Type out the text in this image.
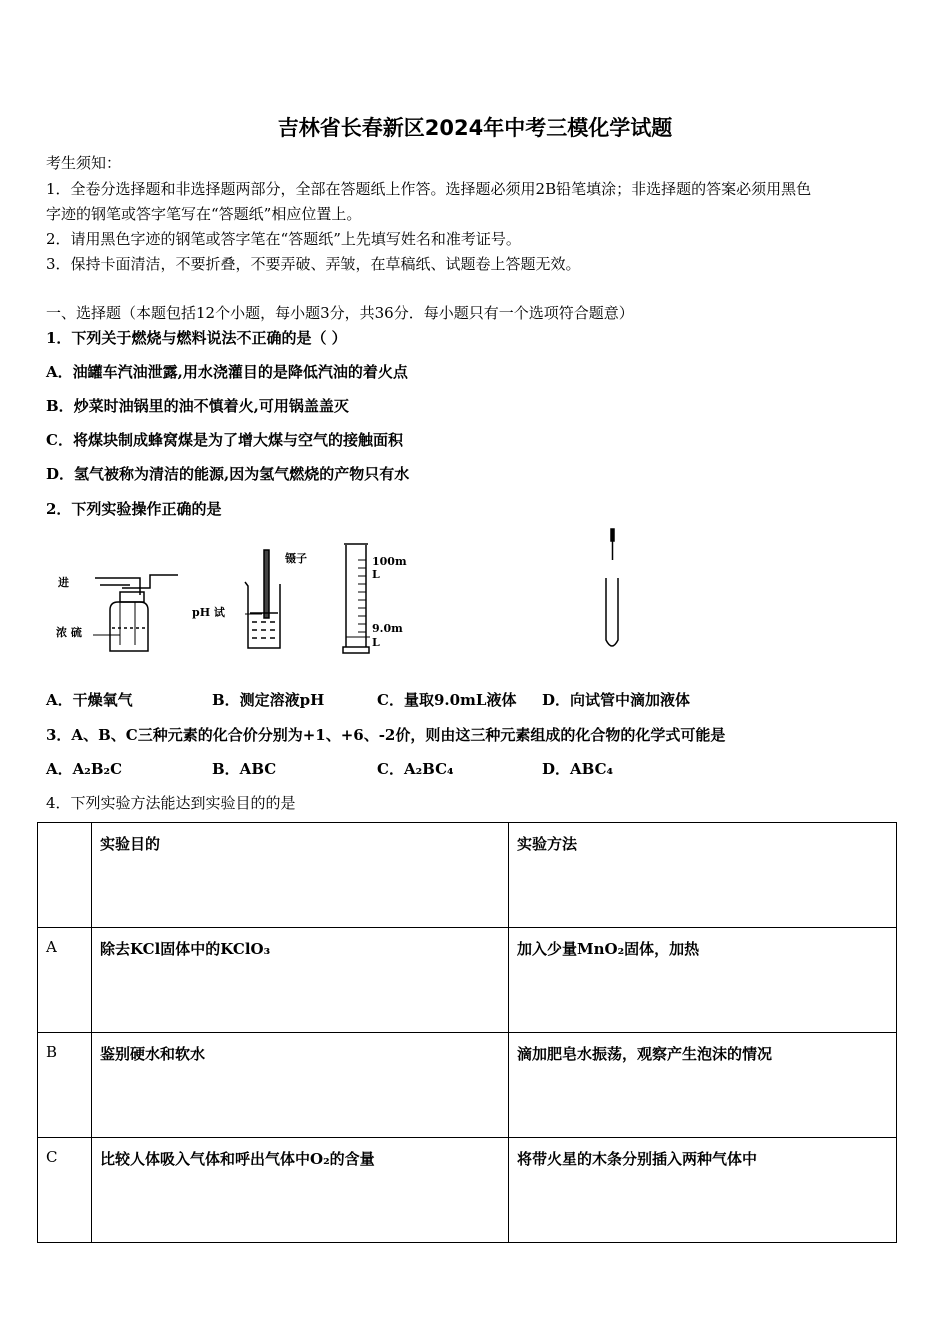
吉林省长春新区2024年中考三模化学试题
考生须知：
1．全卷分选择题和非选择题两部分，全部在答题纸上作答。选择题必须用2B铅笔填涂；非选择题的答案必须用黑色
字迹的钢笔或答字笔写在“答题纸”相应位置上。
2．请用黑色字迹的钢笔或答字笔在“答题纸”上先填写姓名和准考证号。
3．保持卡面清洁，不要折叠，不要弄破、弄皱，在草稿纸、试题卷上答题无效。
一、选择题（本题包括12个小题，每小题3分，共36分．每小题只有一个选项符合题意）
1．下列关于燃烧与燃料说法不正确的是（ ）
A．油罐车汽油泄露,用水浇灌目的是降低汽油的着火点
B．炒菜时油锅里的油不慎着火,可用锅盖盖灭
C．将煤块制成蜂窝煤是为了增大煤与空气的接触面积
D．氢气被称为清洁的能源,因为氢气燃烧的产物只有水
2．下列实验操作正确的是
进
浓 硫
镊子
pH 试
100m
L
9.0m
L
A．干燥氧气	B．测定溶液pH	C．量取9.0mL液体 D．向试管中滴加液体
3．A、B、C三种元素的化合价分别为+1、+6、-2价，则由这三种元素组成的化合物的化学式可能是
A．A₂B₂C	B．ABC	C．A₂BC₄	D．ABC₄
4．下列实验方法能达到实验目的的是
	实验目的	实验方法
A	除去KCl固体中的KClO₃	加入少量MnO₂固体，加热
B	鉴别硬水和软水	滴加肥皂水振荡，观察产生泡沫的情况
C	比较人体吸入气体和呼出气体中O₂的含量	将带火星的木条分别插入两种气体中
